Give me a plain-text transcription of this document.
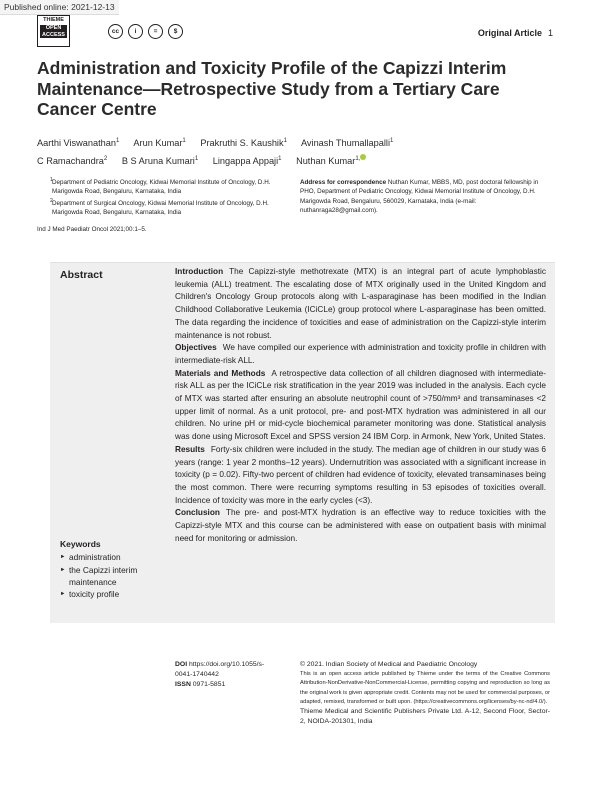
Published online: 2021-12-13
THIEME
OPEN
ACCESS	cc	i	=	$	Original Article 1
Administration and Toxicity Profile of the Capizzi Interim Maintenance—Retrospective Study from a Tertiary Care Cancer Centre
Aarthi Viswanathan$^1$ Arun Kumar$^1$ Prakruthi S. Kaushik$^1$ Avinash Thumallapalli$^1$
C Ramachandra$^2$ B S Aruna Kumari$^1$ Lingappa Appaji$^1$ Nuthan Kumar$^{1,}$
1 Department of Pediatric Oncology, Kidwai Memorial Institute of Oncology, D.H. Marigowda Road, Bengaluru, Karnataka, India
2 Department of Surgical Oncology, Kidwai Memorial Institute of Oncology, D.H. Marigowda Road, Bengaluru, Karnataka, India
Address for correspondence Nuthan Kumar, MBBS, MD, post doctoral fellowship in PHO, Department of Pediatric Oncology, Kidwai Memorial Institute of Oncology, D.H. Marigowda Road, Bengaluru, 560029, Karnataka, India (e-mail: nuthanraga28@gmail.com).
Ind J Med Paediatr Oncol 2021;00:1–5.
Abstract	Introduction The Capizzi-style methotrexate (MTX) is an integral part of acute lymphoblastic leukemia (ALL) treatment. The escalating dose of MTX originally used in the United Kingdom and Children's Oncology Group protocols along with L-asparaginase has been modified in the Indian Childhood Collaborative Leukemia (ICiCLe) group protocol where L-asparaginase has been omitted. The data regarding the incidence of toxicities and ease of administration on the Capizzi-style interim maintenance is not robust.

Objectives We have compiled our experience with administration and toxicity profile in children with intermediate-risk ALL.

Materials and Methods A retrospective data collection of all children diagnosed with intermediate-risk ALL as per the ICiCLe risk stratification in the year 2019 was included in the analysis. Each cycle of MTX was started after ensuring an absolute neutrophil count of >750/mm³ and transaminases <2 upper limit of normal. As a unit protocol, pre- and post-MTX hydration was administered in all our children. No urine pH or mid-cycle biochemical parameter monitoring was done. Statistical analysis was done using Microsoft Excel and SPSS version 24 IBM Corp. in Armonk, New York, United States.

Results Forty-six children were included in the study. The median age of children in our study was 6 years (range: 1 year 2 months–12 years). Undernutrition was associated with a significant increase in toxicity (p = 0.02). Fifty-two percent of children had evidence of toxicity, elevated transaminases being the most common. There were recurring symptoms resulting in 53 episodes of toxicities overall. Incidence of toxicity was more in the early cycles (<3).

Conclusion The pre- and post-MTX hydration is an effective way to reduce toxicities with the Capizzi-style MTX and this course can be administered with ease on outpatient basis with minimal need for monitoring or admission.

Keywords
► administration
► the Capizzi interim maintenance
► toxicity profile
DOI https://doi.org/10.1055/s-0041-1740442
ISSN 0971-5851
© 2021. Indian Society of Medical and Paediatric Oncology
This is an open access article published by Thieme under the terms of the Creative Commons Attribution-NonDerivative-NonCommercial-License, permitting copying and reproduction so long as the original work is given appropriate credit. Contents may not be used for commercial purposes, or adapted, remixed, transformed or built upon. (https://creativecommons.org/licenses/by-nc-nd/4.0/).
Thieme Medical and Scientific Publishers Private Ltd. A-12, Second Floor, Sector-2, NOIDA-201301, India
